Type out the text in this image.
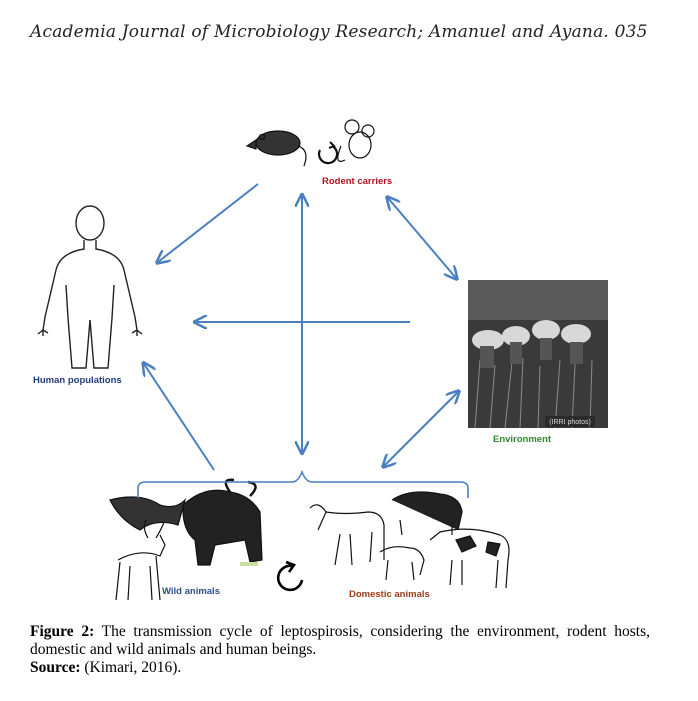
Academia Journal of Microbiology Research; Amanuel and Ayana. 035
(IRRI photos)
Rodent carriers
Human populations
Environment
Wild animals	Domestic animals
Figure 2: The transmission cycle of leptospirosis, considering the environment, rodent hosts, domestic and wild animals and human beings.
Source: (Kimari, 2016).
